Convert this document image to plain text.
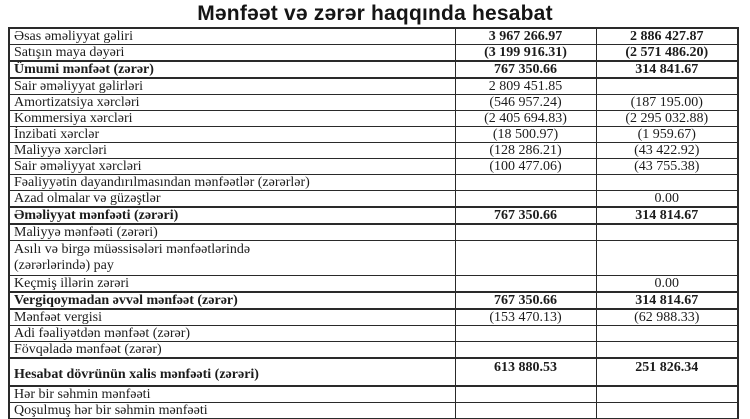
Mənfəət və zərər haqqında hesabat
Əsas əməliyyat gəliri	3 967 266.97	2 886 427.87
Satışın maya dəyəri	(3 199 916.31)	(2 571 486.20)
Ümumi mənfəət (zərər)	767 350.66	314 841.67
Sair əməliyyat gəlirləri	2 809 451.85	
Amortizatsiya xərcləri	(546 957.24)	(187 195.00)
Kommersiya xərcləri	(2 405 694.83)	(2 295 032.88)
İnzibati xərclər	(18 500.97)	(1 959.67)
Maliyyə xərcləri	(128 286.21)	(43 422.92)
Sair əməliyyat xərcləri	(100 477.06)	(43 755.38)
Fəaliyyətin dayandırılmasından mənfəətlər (zərərlər)		
Azad olmalar və güzəştlər		0.00
Əməliyyat mənfəəti (zərəri)	767 350.66	314 814.67
Maliyyə mənfəəti (zərəri)		
Asılı və birgə müəssisələri mənfəətlərində (zərərlərində) pay		
Keçmiş illərin zərəri		0.00
Vergiqoymadan əvvəl mənfəət (zərər)	767 350.66	314 814.67
Mənfəət vergisi	(153 470.13)	(62 988.33)
Adi fəaliyətdən mənfəət (zərər)		
Fövqəladə mənfəət (zərər)		
Hesabat dövrünün xalis mənfəəti (zərəri)	613 880.53	251 826.34
Hər bir səhmin mənfəəti		
Qoşulmuş hər bir səhmin mənfəəti		
